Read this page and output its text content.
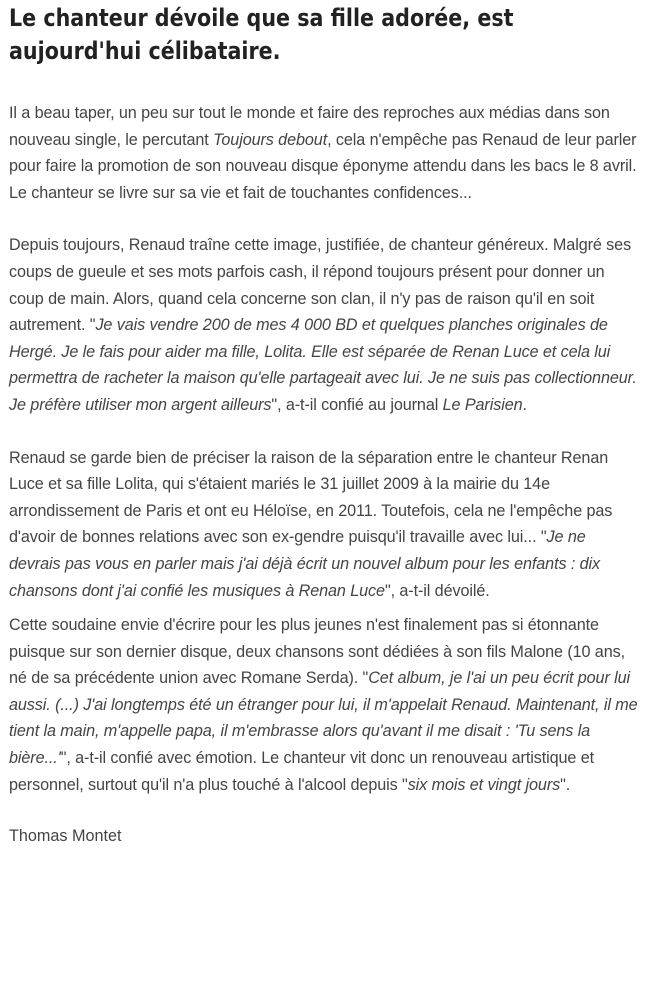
Le chanteur dévoile que sa fille adorée, est aujourd'hui célibataire.

Il a beau taper, un peu sur tout le monde et faire des reproches aux médias dans son nouveau single, le percutant Toujours debout, cela n'empêche pas Renaud de leur parler pour faire la promotion de son nouveau disque éponyme attendu dans les bacs le 8 avril. Le chanteur se livre sur sa vie et fait de touchantes confidences...

Depuis toujours, Renaud traîne cette image, justifiée, de chanteur généreux. Malgré ses coups de gueule et ses mots parfois cash, il répond toujours présent pour donner un coup de main. Alors, quand cela concerne son clan, il n'y pas de raison qu'il en soit autrement. "Je vais vendre 200 de mes 4 000 BD et quelques planches originales de Hergé. Je le fais pour aider ma fille, Lolita. Elle est séparée de Renan Luce et cela lui permettra de racheter la maison qu'elle partageait avec lui. Je ne suis pas collectionneur. Je préfère utiliser mon argent ailleurs", a-t-il confié au journal Le Parisien.

Renaud se garde bien de préciser la raison de la séparation entre le chanteur Renan Luce et sa fille Lolita, qui s'étaient mariés le 31 juillet 2009 à la mairie du 14e arrondissement de Paris et ont eu Héloïse, en 2011. Toutefois, cela ne l'empêche pas d'avoir de bonnes relations avec son ex-gendre puisqu'il travaille avec lui... "Je ne devrais pas vous en parler mais j'ai déjà écrit un nouvel album pour les enfants : dix chansons dont j'ai confié les musiques à Renan Luce", a-t-il dévoilé.

Cette soudaine envie d'écrire pour les plus jeunes n'est finalement pas si étonnante puisque sur son dernier disque, deux chansons sont dédiées à son fils Malone (10 ans, né de sa précédente union avec Romane Serda). "Cet album, je l'ai un peu écrit pour lui aussi. (...) J'ai longtemps été un étranger pour lui, il m'appelait Renaud. Maintenant, il me tient la main, m'appelle papa, il m'embrasse alors qu'avant il me disait : 'Tu sens la bière...'", a-t-il confié avec émotion. Le chanteur vit donc un renouveau artistique et personnel, surtout qu'il n'a plus touché à l'alcool depuis "six mois et vingt jours".

Thomas Montet
